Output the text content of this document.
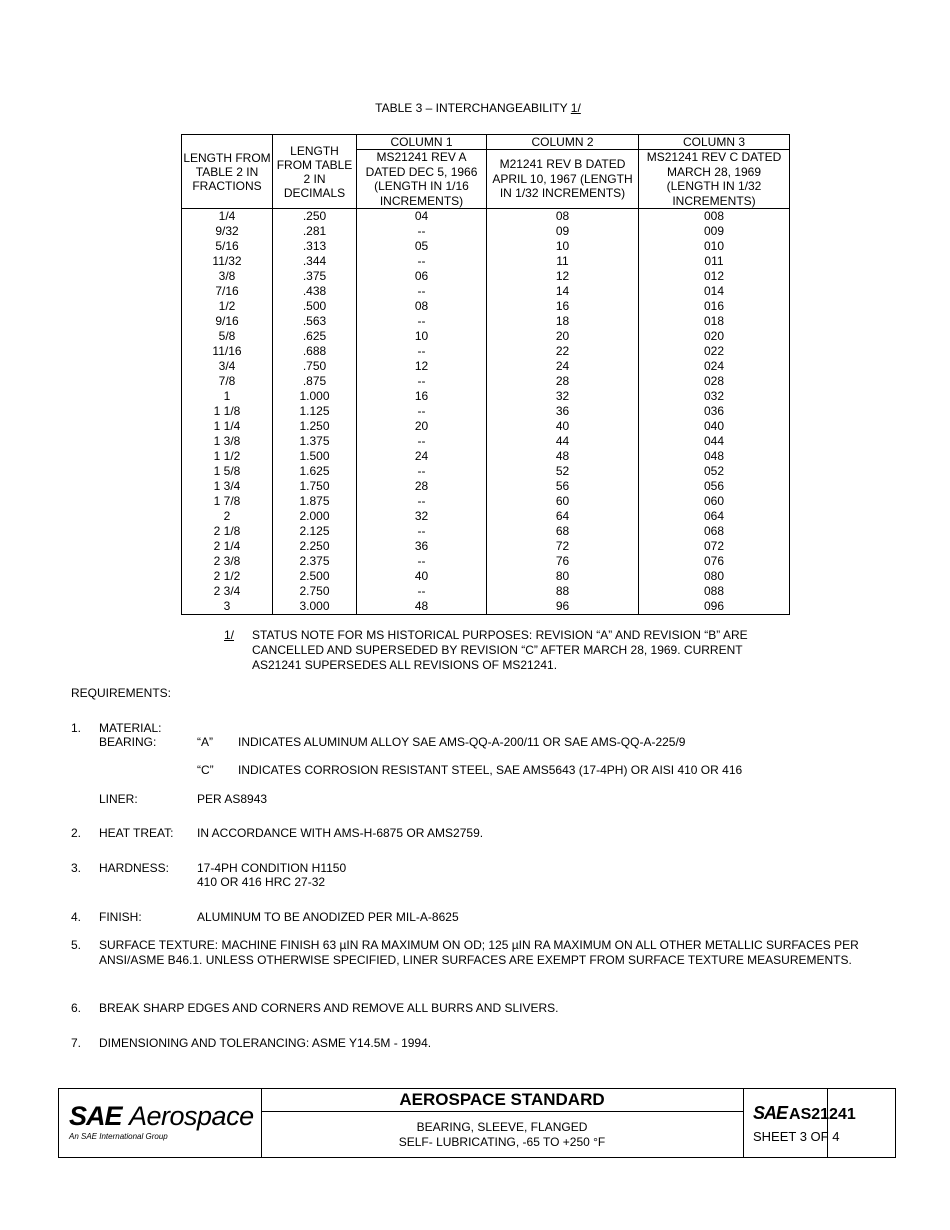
TABLE 3 – INTERCHANGEABILITY 1/
LENGTH FROM TABLE 2 IN FRACTIONS	LENGTH FROM TABLE 2 IN DECIMALS	COLUMN 1	COLUMN 2	COLUMN 3
		MS21241 REV A DATED DEC 5, 1966 (LENGTH IN 1/16 INCREMENTS)	M21241 REV B DATED APRIL 10, 1967 (LENGTH IN 1/32 INCREMENTS)	MS21241 REV C DATED MARCH 28, 1969 (LENGTH IN 1/32 INCREMENTS)
1/4	.250	04	08	008
9/32	.281	--	09	009
5/16	.313	05	10	010
11/32	.344	--	11	011
3/8	.375	06	12	012
7/16	.438	--	14	014
1/2	.500	08	16	016
9/16	.563	--	18	018
5/8	.625	10	20	020
11/16	.688	--	22	022
3/4	.750	12	24	024
7/8	.875	--	28	028
1	1.000	16	32	032
1 1/8	1.125	--	36	036
1 1/4	1.250	20	40	040
1 3/8	1.375	--	44	044
1 1/2	1.500	24	48	048
1 5/8	1.625	--	52	052
1 3/4	1.750	28	56	056
1 7/8	1.875	--	60	060
2	2.000	32	64	064
2 1/8	2.125	--	68	068
2 1/4	2.250	36	72	072
2 3/8	2.375	--	76	076
2 1/2	2.500	40	80	080
2 3/4	2.750	--	88	088
3	3.000	48	96	096
1/ STATUS NOTE FOR MS HISTORICAL PURPOSES: REVISION “A” AND REVISION “B” ARE CANCELLED AND SUPERSEDED BY REVISION “C” AFTER MARCH 28, 1969. CURRENT AS21241 SUPERSEDES ALL REVISIONS OF MS21241.
REQUIREMENTS:
1. MATERIAL:
BEARING:	“A” INDICATES ALUMINUM ALLOY SAE AMS-QQ-A-200/11 OR SAE AMS-QQ-A-225/9
“C” INDICATES CORROSION RESISTANT STEEL, SAE AMS5643 (17-4PH) OR AISI 410 OR 416
LINER:	PER AS8943
2. HEAT TREAT: IN ACCORDANCE WITH AMS-H-6875 OR AMS2759.
3. HARDNESS: 17-4PH CONDITION H1150
410 OR 416 HRC 27-32
4. FINISH:	ALUMINUM TO BE ANODIZED PER MIL-A-8625
5. SURFACE TEXTURE: MACHINE FINISH 63 µIN RA MAXIMUM ON OD; 125 µIN RA MAXIMUM ON ALL OTHER METALLIC SURFACES PER ANSI/ASME B46.1. UNLESS OTHERWISE SPECIFIED, LINER SURFACES ARE EXEMPT FROM SURFACE TEXTURE MEASUREMENTS.
6. BREAK SHARP EDGES AND CORNERS AND REMOVE ALL BURRS AND SLIVERS.
7. DIMENSIONING AND TOLERANCING: ASME Y14.5M - 1994.
SAE Aerospace
An SAE International Group
AEROSPACE STANDARD
BEARING, SLEEVE, FLANGED
SELF- LUBRICATING, -65 TO +250 °F
SAE AS21241
SHEET 3 OF 4
